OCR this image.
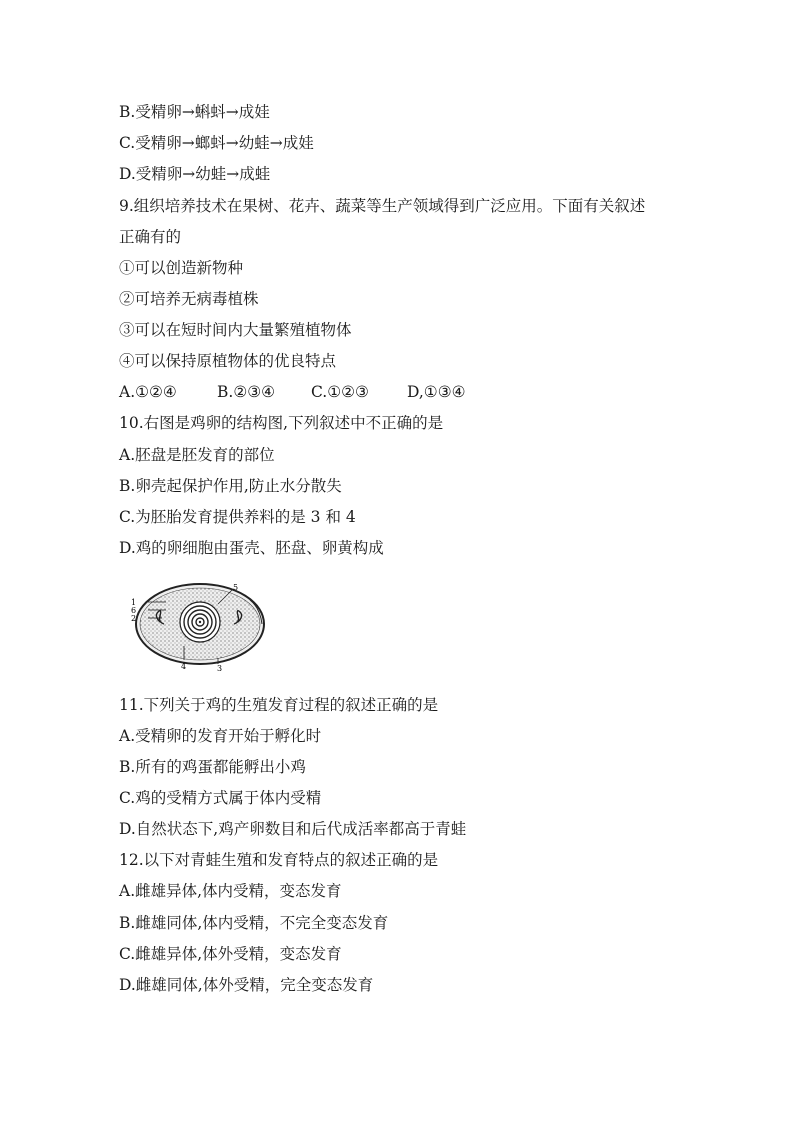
B.受精卵→蝌蚪→成娃
C.受精卵→螂蚪→幼蛙→成娃
D.受精卵→幼蛙→成蛙
9.组织培养技术在果树、花卉、蔬菜等生产领域得到广泛应用。下面有关叙述
正确有的
①可以创造新物种
②可培养无病毒植株
③可以在短时间内大量繁殖植物体
④可以保持原植物体的优良特点
A.①②④	B.②③④ C.①②③ D,①③④
10.右图是鸡卵的结构图,下列叙述中不正确的是
A.胚盘是胚发育的部位
B.卵壳起保护作用,防止水分散失
C.为胚胎发育提供养料的是 3 和 4
D.鸡的卵细胞由蛋壳、胚盘、卵黄构成
1
6
2
5
4	3
11.下列关于鸡的生殖发育过程的叙述正确的是
A.受精卵的发育开始于孵化时
B.所有的鸡蛋都能孵出小鸡
C.鸡的受精方式属于体内受精
D.自然状态下,鸡产卵数目和后代成活率都高于青蛙
12.以下对青蛙生殖和发育特点的叙述正确的是
A.雌雄异体,体内受精，变态发育
B.雌雄同体,体内受精，不完全变态发育
C.雌雄异体,体外受精，变态发育
D.雌雄同体,体外受精，完全变态发育
